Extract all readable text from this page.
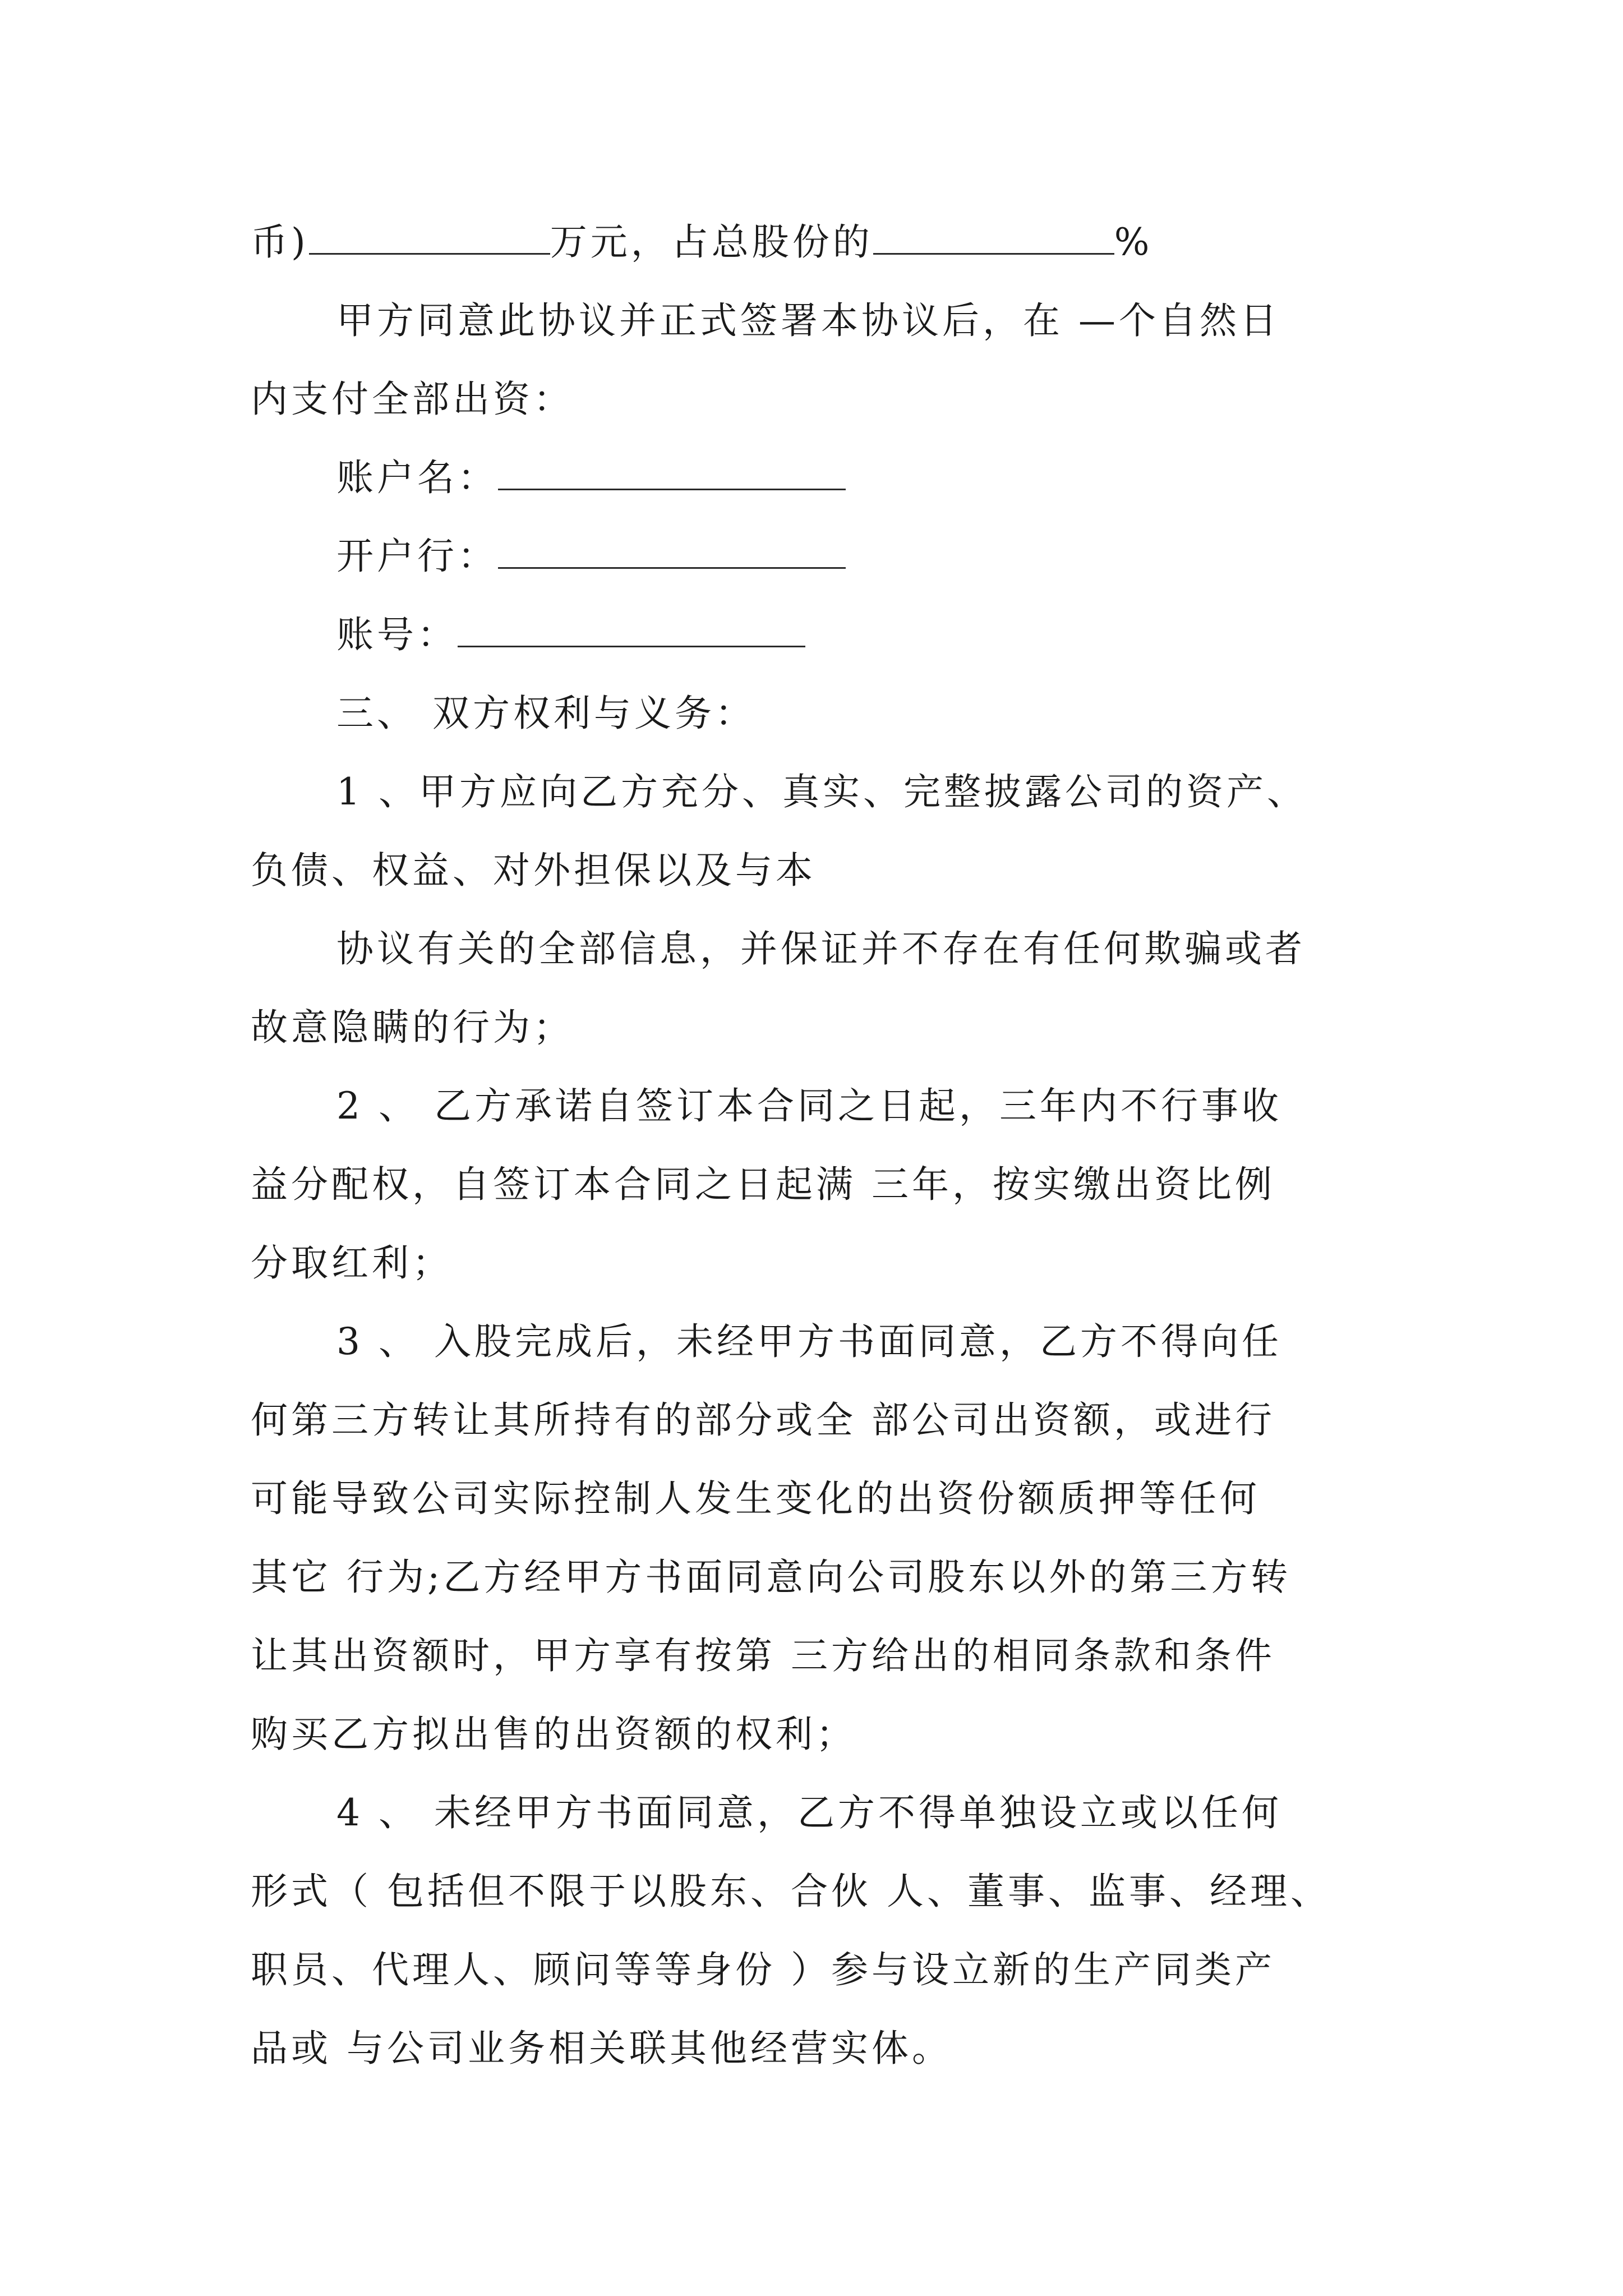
币)	万元，占总股份的	%
甲方同意此协议并正式签署本协议后，在 —个自然日
内支付全部出资：
账户名：
开户行：
账号：
三、 双方权利与义务：
1 、甲方应向乙方充分、真实、完整披露公司的资产、
负债、权益、对外担保以及与本
协议有关的全部信息，并保证并不存在有任何欺骗或者
故意隐瞒的行为；
2 、 乙方承诺自签订本合同之日起，三年内不行事收
益分配权，自签订本合同之日起满 三年，按实缴出资比例
分取红利；
3 、 入股完成后，未经甲方书面同意，乙方不得向任
何第三方转让其所持有的部分或全 部公司出资额，或进行
可能导致公司实际控制人发生变化的出资份额质押等任何
其它 行为;乙方经甲方书面同意向公司股东以外的第三方转
让其出资额时，甲方享有按第 三方给出的相同条款和条件
购买乙方拟出售的出资额的权利；
4 、 未经甲方书面同意，乙方不得单独设立或以任何
形式（ 包括但不限于以股东、合伙 人、董事、监事、经理、
职员、代理人、顾问等等身份 ）参与设立新的生产同类产
品或 与公司业务相关联其他经营实体。
